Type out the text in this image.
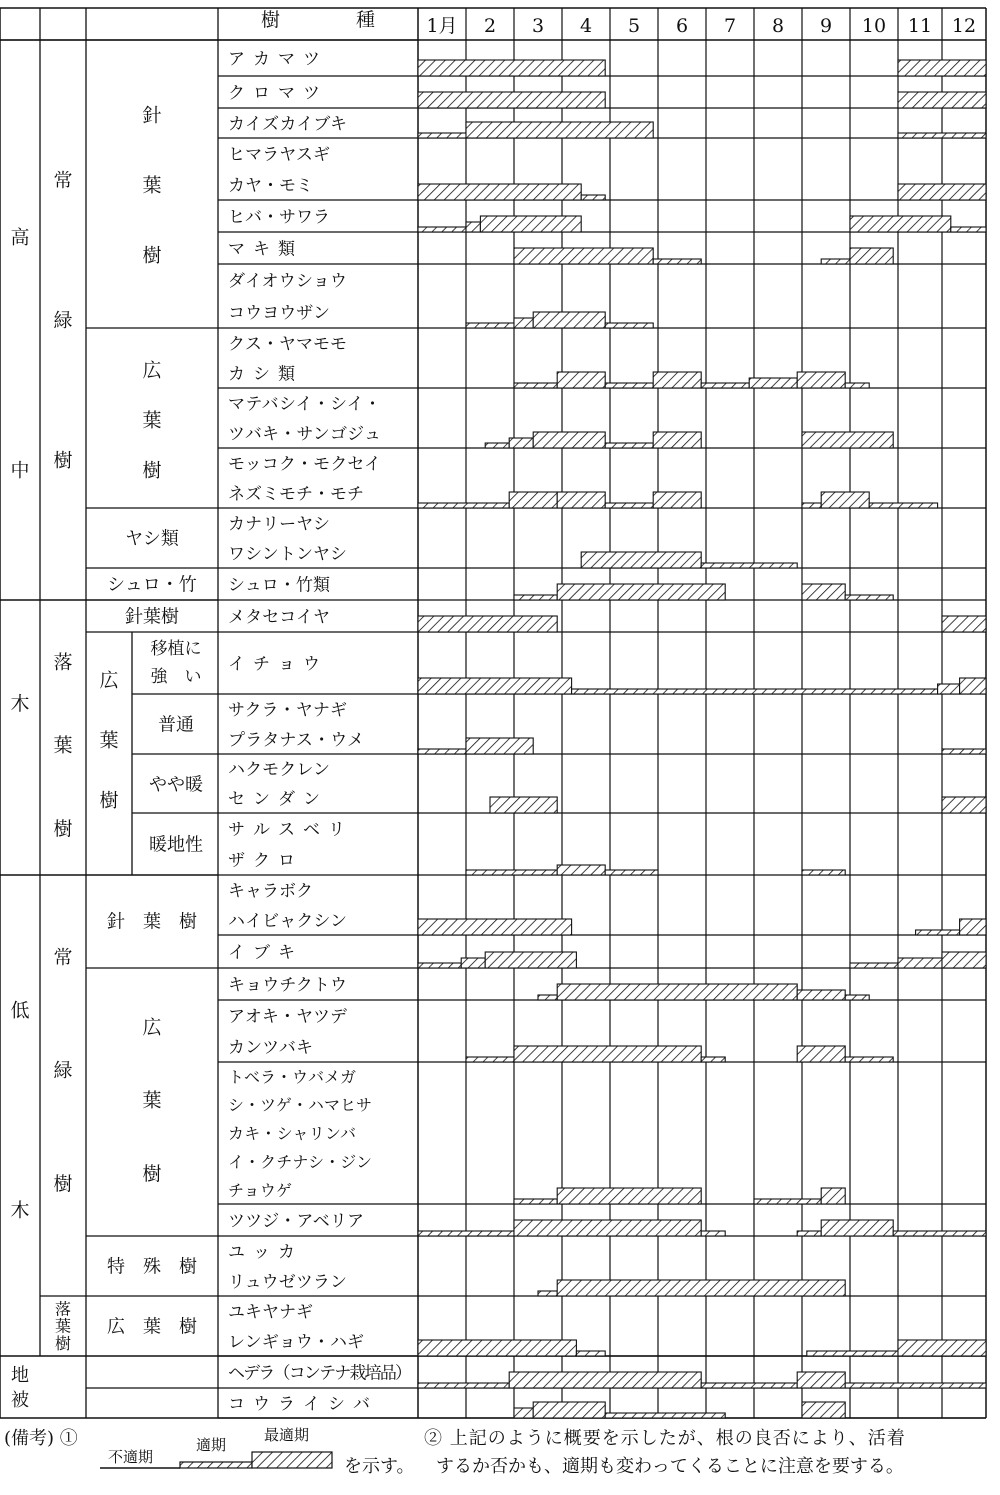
樹　　　　種
高
中
木
低
木
地
被
常
緑
樹
落
葉
樹
常
緑
樹
落
葉
樹
針
葉
樹
広
葉
樹
ヤシ類
シュロ・竹
針葉樹
広
葉
樹
移植に
強　い
普通
やや暖
暖地性
針　葉　樹
広
葉
樹
特　殊　樹
広　葉　樹
1月 2 3 4 5 6 7 8 9 10 11 12
ア カ マ ツ
ク ロ マ ツ
カイズカイブキ
ヒマラヤスギ
カヤ・モミ
ヒバ・サワラ
マ キ 類
ダイオウショウ
コウヨウザン
クス・ヤマモモ
カ シ 類
マテバシイ・シイ・
ツバキ・サンゴジュ
モッコク・モクセイ
ネズミモチ・モチ
カナリーヤシ
ワシントンヤシ
シュロ・竹類
メタセコイヤ
イ チ ョ ウ
サクラ・ヤナギ
プラタナス・ウメ
ハクモクレン
セ ン ダ ン
サ ル ス ベ リ
ザ ク ロ
キャラボク
ハイビャクシン
イ ブ キ
キョウチクトウ
アオキ・ヤツデ
カンツバキ
トベラ・ウバメガ
シ・ツゲ・ハマヒサ
カキ・シャリンバ
イ・クチナシ・ジン
チョウゲ
ツツジ・アベリア
ユ ッ カ
リュウゼツラン
ユキヤナギ
レンギョウ・ハギ
ヘデラ（コンテナ栽培品）
コ ウ ラ イ シ バ
(備考) ①
不適期
適期
最適期
を示す。
② 上記のように概要を示したが、根の良否により、活着
するか否かも、適期も変わってくることに注意を要する。
